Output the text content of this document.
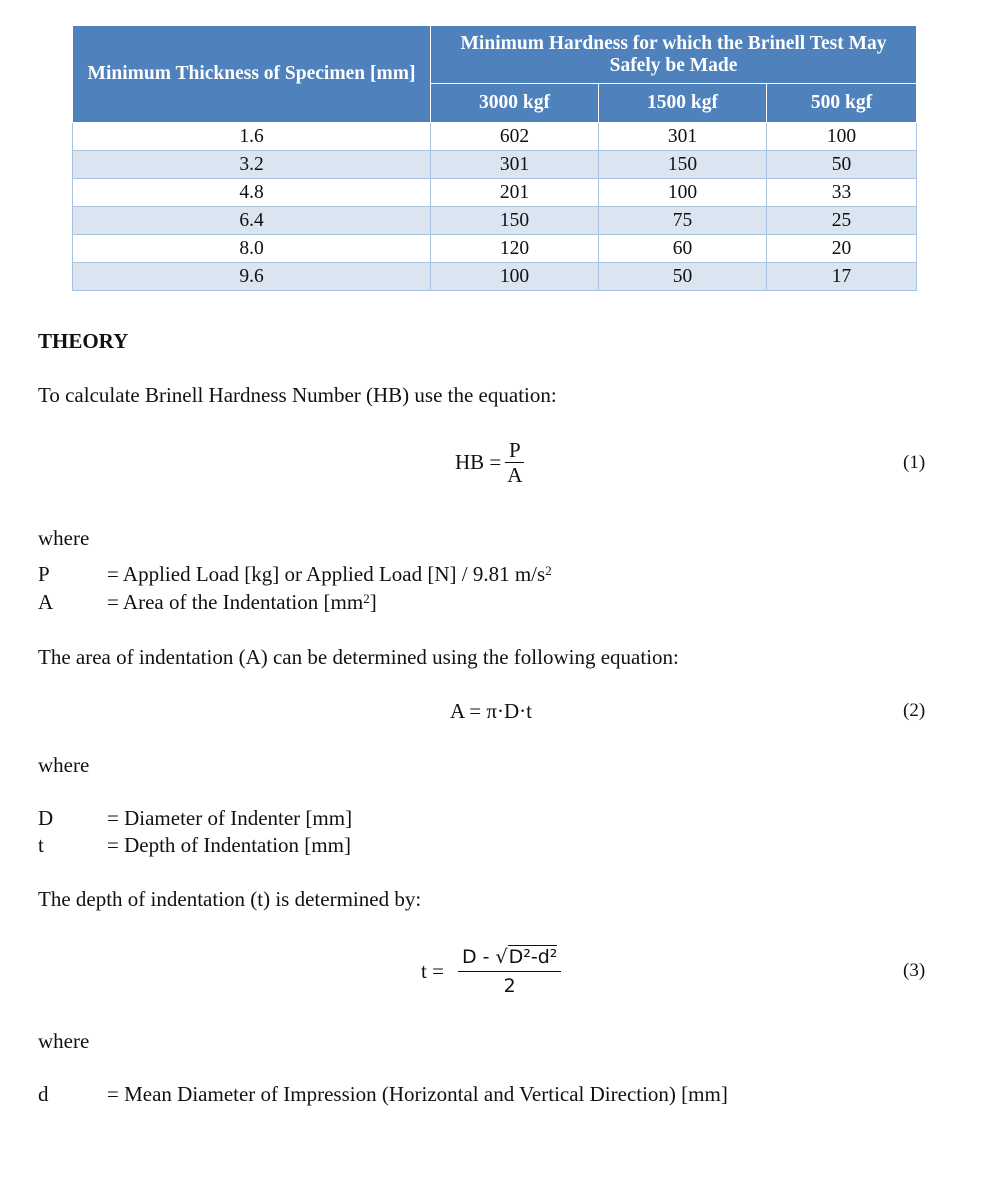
Minimum Thickness of Specimen [mm]	Minimum Hardness for which the Brinell Test May Safely be Made		
	3000 kgf	1500 kgf	500 kgf
1.6	602	301	100
3.2	301	150	50
4.8	201	100	33
6.4	150	75	25
8.0	120	60	20
9.6	100	50	17
THEORY
To calculate Brinell Hardness Number (HB) use the equation:
HB = $\frac{P}{A}$	(1)
where
P	= Applied Load [kg] or Applied Load [N] / 9.81 $m/s^2$
A	= Area of the Indentation $[mm^2]$
The area of indentation (A) can be determined using the following equation:
A = π·D·t	(2)
where
D	= Diameter of Indenter [mm]
t	= Depth of Indentation [mm]
The depth of indentation (t) is determined by:
$t = \frac{\text{D - √D²-d²}}{2}$	(3)
where
d	= Mean Diameter of Impression (Horizontal and Vertical Direction) [mm]
